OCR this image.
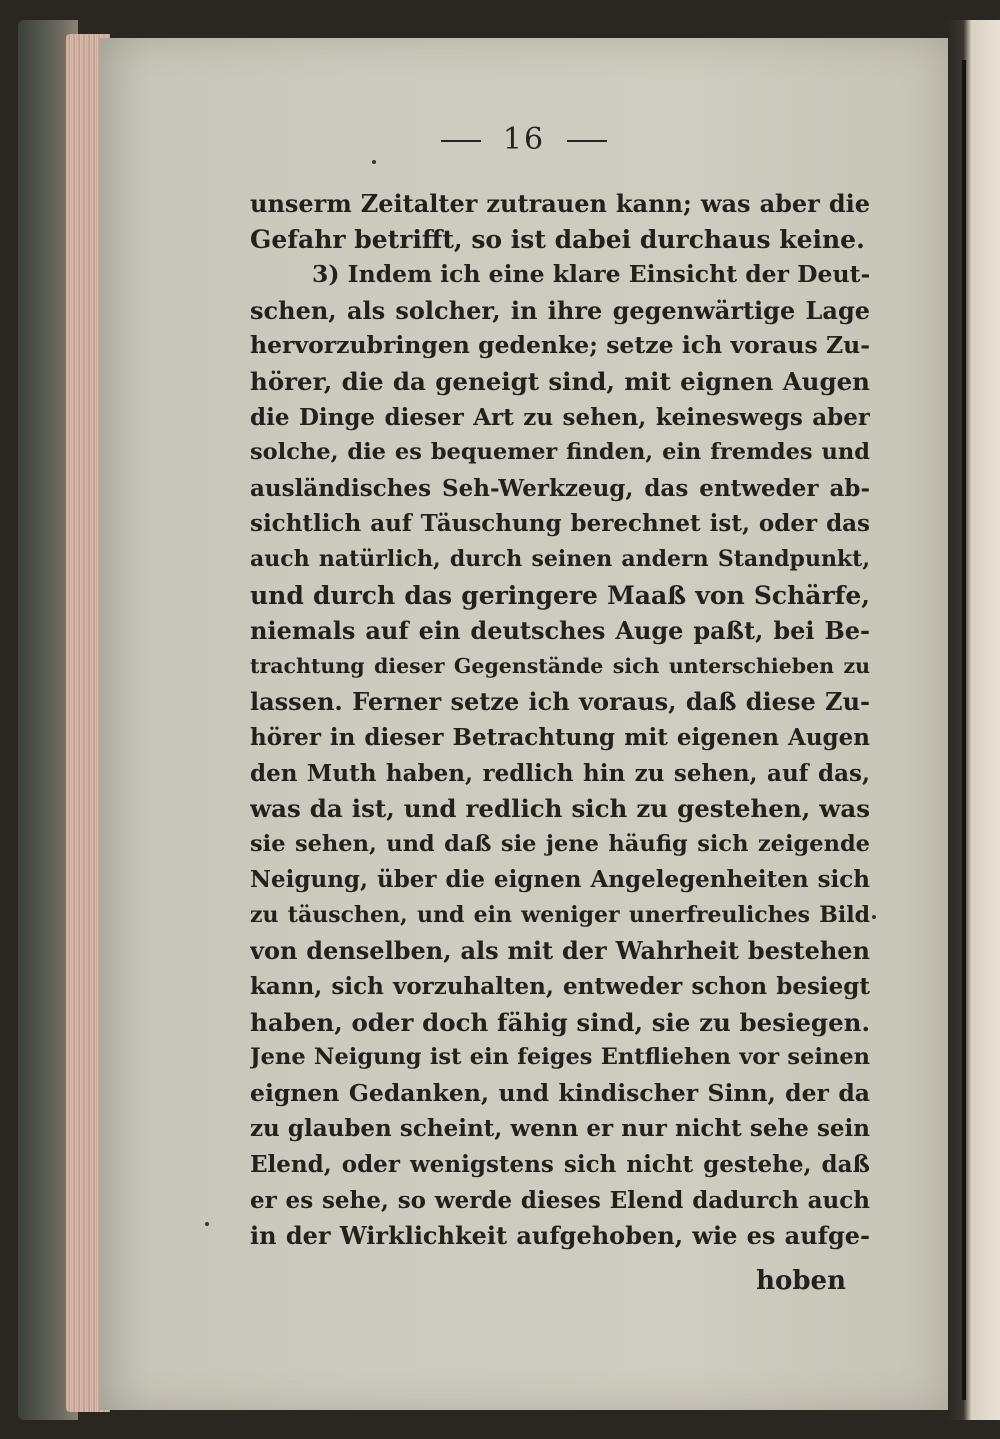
16
unserm Zeitalter zutrauen kann; was aber die
Gefahr betrifft, so ist dabei durchaus keine.
3) Indem ich eine klare Einsicht der Deut-
schen, als solcher, in ihre gegenwärtige Lage
hervorzubringen gedenke; setze ich voraus Zu-
hörer, die da geneigt sind, mit eignen Augen
die Dinge dieser Art zu sehen, keineswegs aber
solche, die es bequemer finden, ein fremdes und
ausländisches Seh-Werkzeug, das entweder ab-
sichtlich auf Täuschung berechnet ist, oder das
auch natürlich, durch seinen andern Standpunkt,
und durch das geringere Maaß von Schärfe,
niemals auf ein deutsches Auge paßt, bei Be-
trachtung dieser Gegenstände sich unterschieben zu
lassen. Ferner setze ich voraus, daß diese Zu-
hörer in dieser Betrachtung mit eigenen Augen
den Muth haben, redlich hin zu sehen, auf das,
was da ist, und redlich sich zu gestehen, was
sie sehen, und daß sie jene häufig sich zeigende
Neigung, über die eignen Angelegenheiten sich
zu täuschen, und ein weniger unerfreuliches Bild
von denselben, als mit der Wahrheit bestehen
kann, sich vorzuhalten, entweder schon besiegt
haben, oder doch fähig sind, sie zu besiegen.
Jene Neigung ist ein feiges Entfliehen vor seinen
eignen Gedanken, und kindischer Sinn, der da
zu glauben scheint, wenn er nur nicht sehe sein
Elend, oder wenigstens sich nicht gestehe, daß
er es sehe, so werde dieses Elend dadurch auch
in der Wirklichkeit aufgehoben, wie es aufge-
hoben
